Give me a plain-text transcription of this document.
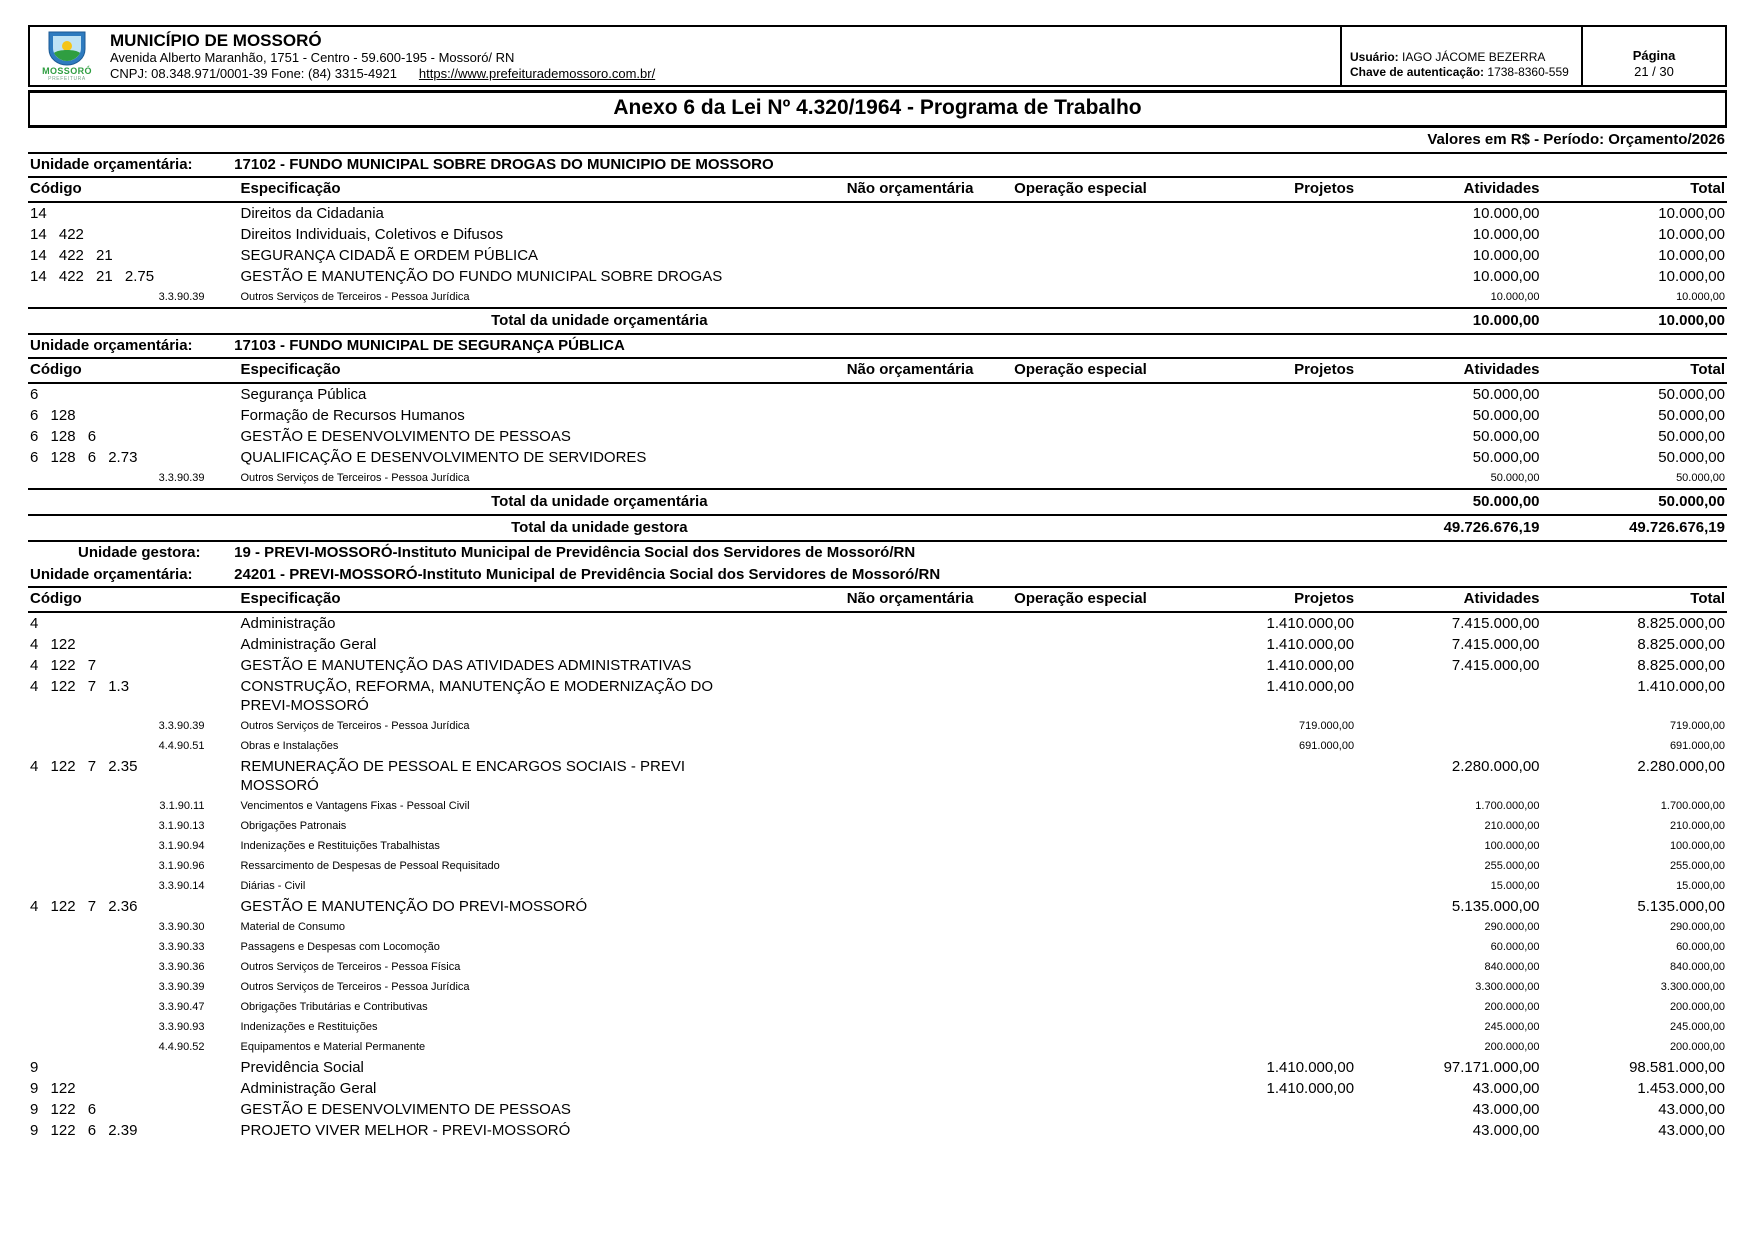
MOSSORÓ
PREFEITURA
MUNICÍPIO DE MOSSORÓ
Avenida Alberto Maranhão, 1751 - Centro - 59.600-195 - Mossoró/ RN
CNPJ: 08.348.971/0001-39 Fone: (84) 3315-4921 https://www.prefeiturademossoro.com.br/
Usuário: IAGO JÁCOME BEZERRA
Chave de autenticação: 1738-8360-559
Página
21 / 30
Anexo 6 da Lei Nº 4.320/1964 - Programa de Trabalho
Valores em R$ - Período: Orçamento/2026
Unidade orçamentária:	17102 - FUNDO MUNICIPAL SOBRE DROGAS DO MUNICIPIO DE MOSSORO
Código	Especificação	Não orçamentária	Operação especial	Projetos	Atividades	Total
14	Direitos da Cidadania				10.000,00	10.000,00
14 422	Direitos Individuais, Coletivos e Difusos				10.000,00	10.000,00
14 422 21	SEGURANÇA CIDADÃ E ORDEM PÚBLICA				10.000,00	10.000,00
14 422 21 2.75	GESTÃO E MANUTENÇÃO DO FUNDO MUNICIPAL SOBRE DROGAS				10.000,00	10.000,00
3.3.90.39	Outros Serviços de Terceiros - Pessoa Jurídica				10.000,00	10.000,00
Total da unidade orçamentária					10.000,00	10.000,00
Unidade orçamentária:	17103 - FUNDO MUNICIPAL DE SEGURANÇA PÚBLICA
Código	Especificação	Não orçamentária	Operação especial	Projetos	Atividades	Total
6	Segurança Pública				50.000,00	50.000,00
6 128	Formação de Recursos Humanos				50.000,00	50.000,00
6 128 6	GESTÃO E DESENVOLVIMENTO DE PESSOAS				50.000,00	50.000,00
6 128 6 2.73	QUALIFICAÇÃO E DESENVOLVIMENTO DE SERVIDORES				50.000,00	50.000,00
3.3.90.39	Outros Serviços de Terceiros - Pessoa Jurídica				50.000,00	50.000,00
Total da unidade orçamentária					50.000,00	50.000,00
Total da unidade gestora					49.726.676,19	49.726.676,19
Unidade gestora: 19 - PREVI-MOSSORÓ-Instituto Municipal de Previdência Social dos Servidores de Mossoró/RN
Unidade orçamentária:	24201 - PREVI-MOSSORÓ-Instituto Municipal de Previdência Social dos Servidores de Mossoró/RN
Código	Especificação	Não orçamentária	Operação especial	Projetos	Atividades	Total
4	Administração			1.410.000,00	7.415.000,00	8.825.000,00
4 122	Administração Geral			1.410.000,00	7.415.000,00	8.825.000,00
4 122 7	GESTÃO E MANUTENÇÃO DAS ATIVIDADES ADMINISTRATIVAS			1.410.000,00	7.415.000,00	8.825.000,00
4 122 7 1.3	CONSTRUÇÃO, REFORMA, MANUTENÇÃO E MODERNIZAÇÃO DO PREVI-MOSSORÓ			1.410.000,00		1.410.000,00
3.3.90.39	Outros Serviços de Terceiros - Pessoa Jurídica			719.000,00		719.000,00
4.4.90.51	Obras e Instalações			691.000,00		691.000,00
4 122 7 2.35	REMUNERAÇÃO DE PESSOAL E ENCARGOS SOCIAIS - PREVI MOSSORÓ				2.280.000,00	2.280.000,00
3.1.90.11	Vencimentos e Vantagens Fixas - Pessoal Civil				1.700.000,00	1.700.000,00
3.1.90.13	Obrigações Patronais				210.000,00	210.000,00
3.1.90.94	Indenizações e Restituições Trabalhistas				100.000,00	100.000,00
3.1.90.96	Ressarcimento de Despesas de Pessoal Requisitado				255.000,00	255.000,00
3.3.90.14	Diárias - Civil				15.000,00	15.000,00
4 122 7 2.36	GESTÃO E MANUTENÇÃO DO PREVI-MOSSORÓ				5.135.000,00	5.135.000,00
3.3.90.30	Material de Consumo				290.000,00	290.000,00
3.3.90.33	Passagens e Despesas com Locomoção				60.000,00	60.000,00
3.3.90.36	Outros Serviços de Terceiros - Pessoa Física				840.000,00	840.000,00
3.3.90.39	Outros Serviços de Terceiros - Pessoa Jurídica				3.300.000,00	3.300.000,00
3.3.90.47	Obrigações Tributárias e Contributivas				200.000,00	200.000,00
3.3.90.93	Indenizações e Restituições				245.000,00	245.000,00
4.4.90.52	Equipamentos e Material Permanente				200.000,00	200.000,00
9	Previdência Social			1.410.000,00	97.171.000,00	98.581.000,00
9 122	Administração Geral			1.410.000,00	43.000,00	1.453.000,00
9 122 6	GESTÃO E DESENVOLVIMENTO DE PESSOAS				43.000,00	43.000,00
9 122 6 2.39	PROJETO VIVER MELHOR - PREVI-MOSSORÓ				43.000,00	43.000,00
